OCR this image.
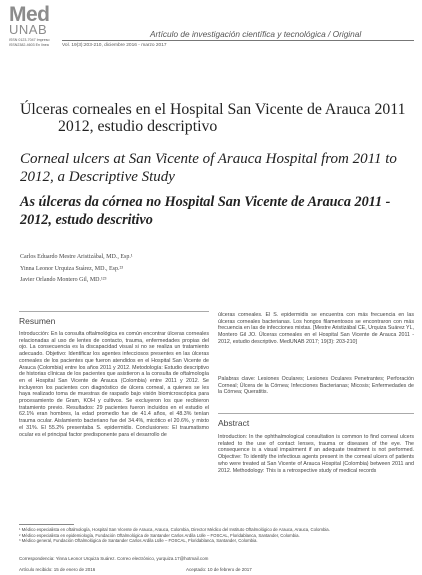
Med
UNAB
ISSN 0123-7047 Impreso
ISSN2382-4603 En línea
Artículo de investigación científica y tecnológica / Original
Vol. 19(3):203-210, diciembre 2016 - marzo 2017
Úlceras corneales en el Hospital San Vicente de Arauca 2011
2012, estudio descriptivo
Corneal ulcers at San Vicente of Arauca Hospital from 2011 to 2012, a Descriptive Study
As úlceras da córnea no Hospital San Vicente de Arauca 2011 - 2012, estudo descritivo
Carlos Eduardo Mestre Aristizábal, MD., Esp.¹
Yinna Leonor Urquiza Suárez, MD., Esp.²³
Javier Orlando Montero Gil, MD.¹²³
Resumen
Introducción: En la consulta oftalmológica es común encontrar úlceras corneales relacionadas al uso de lentes de contacto, trauma, enfermedades propias del ojo. La consecuencia es la discapacidad visual si no se realiza un tratamiento adecuado. Objetivo: Identificar los agentes infecciosos presentes en las úlceras corneales de los pacientes que fueron atendidos en el Hospital San Vicente de Arauca (Colombia) entre los años 2011 y 2012. Metodología: Estudio descriptivo de historias clínicas de los pacientes que asistieron a la consulta de oftalmología en el Hospital San Vicente de Arauca (Colombia) entre 2011 y 2012. Se incluyeron los pacientes con diagnóstico de úlcera corneal, a quienes se les haya realizado toma de muestras de raspado bajo visión biomicroscópica para procesamiento de Gram, KOH y cultivos. Se excluyeron los que recibieron tratamiento previo. Resultados: 29 pacientes fueron incluidos en el estudio el 62.1% eran hombres, la edad promedio fue de 41.4 años, el 48.3% tenían trauma ocular. Aislamiento bacteriano fue del 34.4%, micótico el 20.6%, y mixto el 31%. El 55.2% presentaba S. epidermidis. Conclusiones: El traumatismo ocular es el principal factor predisponente para el desarrollo de
úlceras corneales. El S. epidermidis se encuentra con más frecuencia en las úlceras corneales bacterianas. Los hongos filamentosos se encontraron con más frecuencia en las de infecciones mixtas. [Mestre Aristizábal CE, Urquiza Suárez YL, Montero Gil JO. Úlceras corneales en el Hospital San Vicente de Arauca 2011 - 2012, estudio descriptivo. MedUNAB 2017; 19(3): 203-210]
Palabras clave: Lesiones Oculares; Lesiones Oculares Penetrantes; Perforación Corneal; Úlcera de la Córnea; Infecciones Bacterianas; Micosis; Enfermedades de la Córnea; Queratitis.
Abstract
Introduction: In the ophthalmological consultation is common to find corneal ulcers related to the use of contact lenses, trauma or diseases of the eye. The consequence is a visual impairment if an adequate treatment is not performed. Objective: To identify the infectious agents present in the corneal ulcers of patients who were treated at San Vicente of Arauca Hospital (Colombia) between 2011 and 2012. Methodology: This is a retrospective study of medical records
¹ Médico especialista en oftalmología, Hospital San Vicente de Arauca, Arauca, Colombia, Director Médico del Instituto Oftalmológico de Arauca, Arauca, Colombia.
² Médico especialista en epidemiología, Fundación Oftalmológica de Santander Carlos Ardila Lülle – FOSCAL, Floridablanca, Santander, Colombia.
³ Médico general, Fundación Oftalmológica de Santander Carlos Ardila Lülle – FOSCAL, Floridablanca, Santander, Colombia.
Correspondencia: Yinna Leonor Urquiza Suárez. Correo electrónico, yurquiza.17@hotmail.com
Artículo recibido: 15 de enero de 2016	Aceptado: 10 de febrero de 2017
